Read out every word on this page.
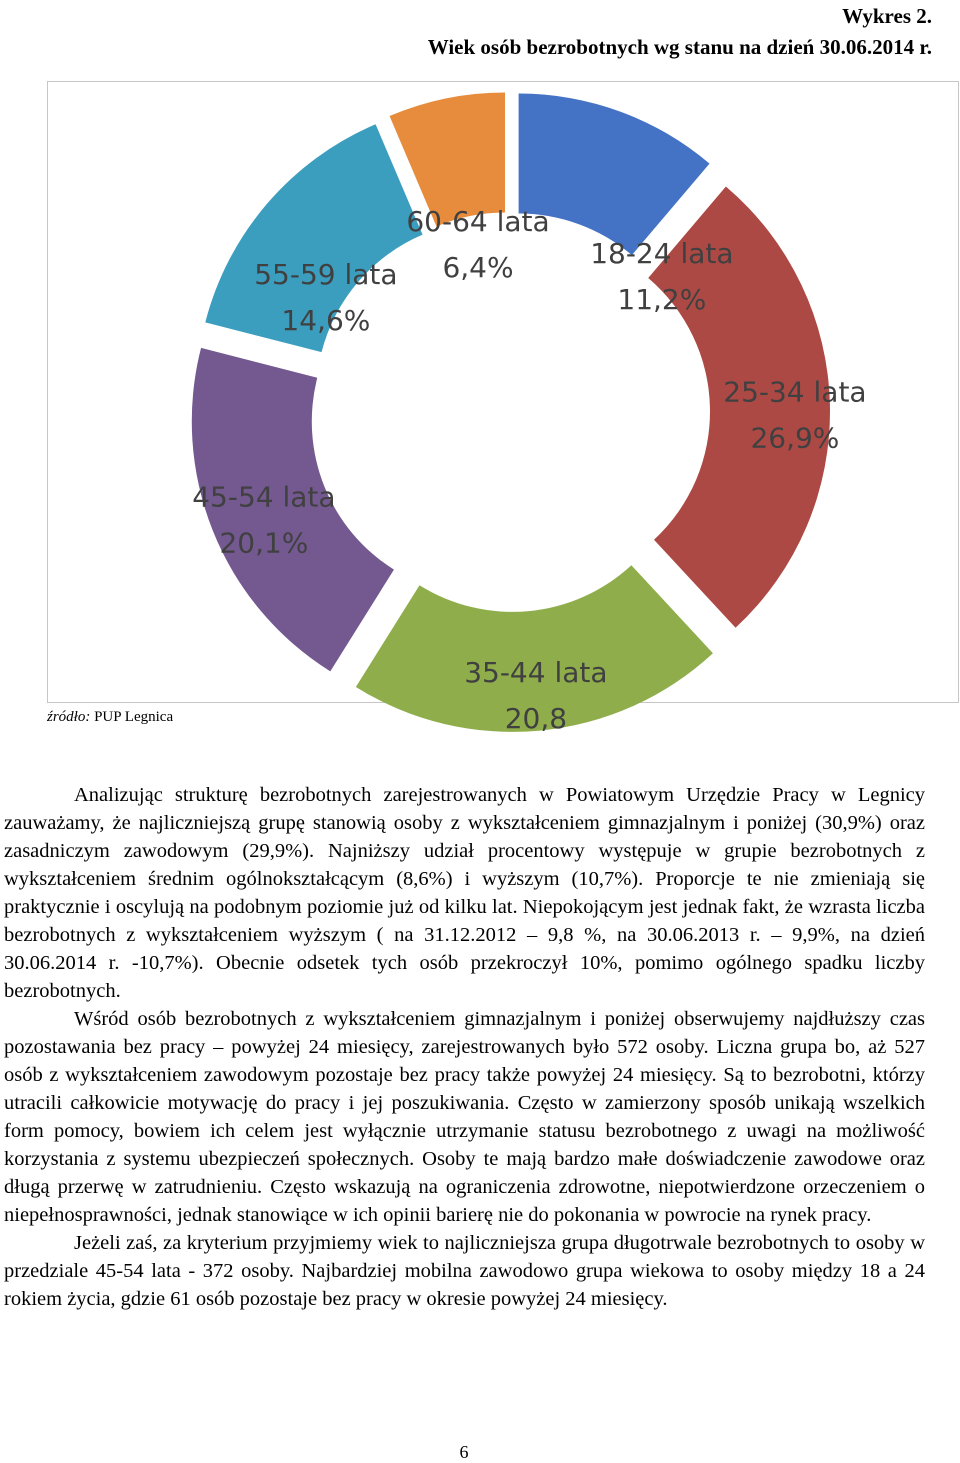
Wykres 2.
Wiek osób bezrobotnych wg stanu na dzień 30.06.2014 r.
18-24 lata
11,2%
25-34 lata
26,9%
35-44 lata
20,8
45-54 lata
20,1%
55-59 lata
14,6%
60-64 lata
6,4%
źródło: PUP Legnica

Analizując strukturę bezrobotnych zarejestrowanych w Powiatowym Urzędzie Pracy w Legnicy zauważamy, że najliczniejszą grupę stanowią osoby z wykształceniem gimnazjalnym i poniżej (30,9%) oraz zasadniczym zawodowym (29,9%). Najniższy udział procentowy występuje w grupie bezrobotnych z wykształceniem średnim ogólnokształcącym (8,6%) i wyższym (10,7%). Proporcje te nie zmieniają się praktycznie i oscylują na podobnym poziomie już od kilku lat. Niepokojącym jest jednak fakt, że wzrasta liczba bezrobotnych z wykształceniem wyższym ( na 31.12.2012 – 9,8 %, na 30.06.2013 r. – 9,9%, na dzień 30.06.2014 r. -10,7%). Obecnie odsetek tych osób przekroczył 10%, pomimo ogólnego spadku liczby bezrobotnych.

Wśród osób bezrobotnych z wykształceniem gimnazjalnym i poniżej obserwujemy najdłuższy czas pozostawania bez pracy – powyżej 24 miesięcy, zarejestrowanych było 572 osoby. Liczna grupa bo, aż 527 osób z wykształceniem zawodowym pozostaje bez pracy także powyżej 24 miesięcy. Są to bezrobotni, którzy utracili całkowicie motywację do pracy i jej poszukiwania. Często w zamierzony sposób unikają wszelkich form pomocy, bowiem ich celem jest wyłącznie utrzymanie statusu bezrobotnego z uwagi na możliwość korzystania z systemu ubezpieczeń społecznych. Osoby te mają bardzo małe doświadczenie zawodowe oraz długą przerwę w zatrudnieniu. Często wskazują na ograniczenia zdrowotne, niepotwierdzone orzeczeniem o niepełnosprawności, jednak stanowiące w ich opinii barierę nie do pokonania w powrocie na rynek pracy.

Jeżeli zaś, za kryterium przyjmiemy wiek to najliczniejsza grupa długotrwale bezrobotnych to osoby w przedziale 45-54 lata - 372 osoby. Najbardziej mobilna zawodowo grupa wiekowa to osoby między 18 a 24 rokiem życia, gdzie 61 osób pozostaje bez pracy w okresie powyżej 24 miesięcy.

6
